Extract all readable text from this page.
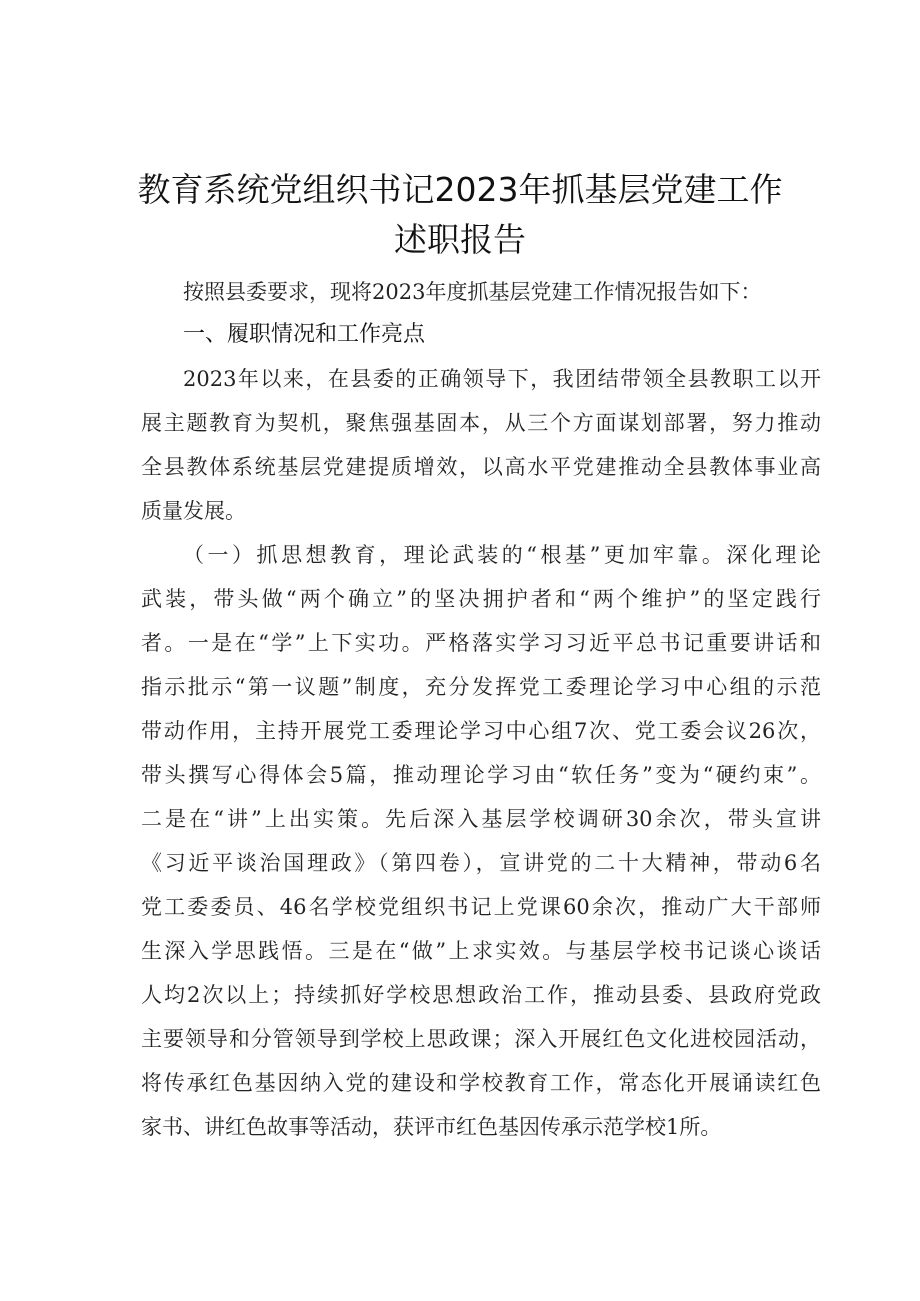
教育系统党组织书记2023年抓基层党建工作
述职报告
按照县委要求，现将2023年度抓基层党建工作情况报告如下：
一、履职情况和工作亮点
2023年以来，在县委的正确领导下，我团结带领全县教职工以开
展主题教育为契机，聚焦强基固本，从三个方面谋划部署，努力推动
全县教体系统基层党建提质增效，以高水平党建推动全县教体事业高
质量发展。
（一）抓思想教育，理论武装的“根基”更加牢靠。深化理论
武装，带头做“两个确立”的坚决拥护者和“两个维护”的坚定践行
者。一是在“学”上下实功。严格落实学习习近平总书记重要讲话和
指示批示“第一议题”制度，充分发挥党工委理论学习中心组的示范
带动作用，主持开展党工委理论学习中心组7次、党工委会议26次，
带头撰写心得体会5篇，推动理论学习由“软任务”变为“硬约束”。
二是在“讲”上出实策。先后深入基层学校调研30余次，带头宣讲
《习近平谈治国理政》（第四卷），宣讲党的二十大精神，带动6名
党工委委员、46名学校党组织书记上党课60余次，推动广大干部师
生深入学思践悟。三是在“做”上求实效。与基层学校书记谈心谈话
人均2次以上；持续抓好学校思想政治工作，推动县委、县政府党政
主要领导和分管领导到学校上思政课；深入开展红色文化进校园活动，
将传承红色基因纳入党的建设和学校教育工作，常态化开展诵读红色
家书、讲红色故事等活动，获评市红色基因传承示范学校1所。
